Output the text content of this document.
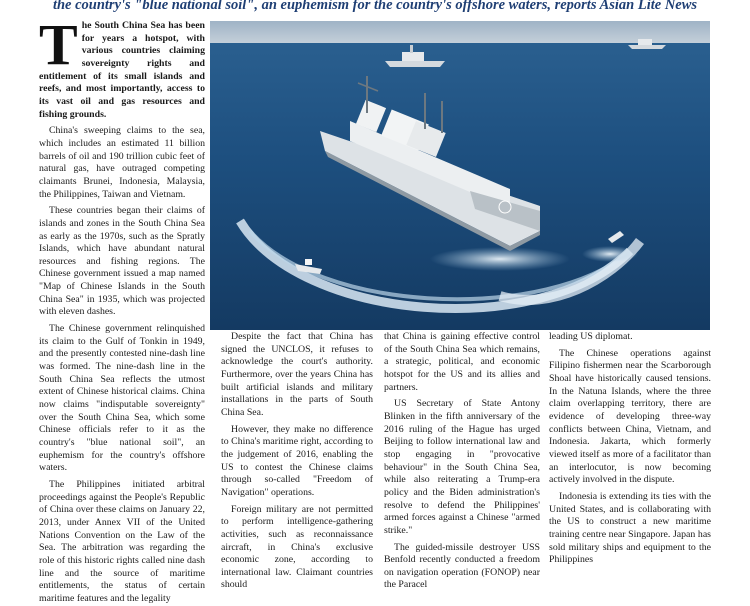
the country's "blue national soil", an euphemism for the country's offshore waters, reports Asian Lite News

The South China Sea has been for years a hotspot, with various countries claiming sovereignty rights and entitlement of its small islands and reefs, and most importantly, access to its vast oil and gas resources and fishing grounds.

China's sweeping claims to the sea, which includes an estimated 11 billion barrels of oil and 190 trillion cubic feet of natural gas, have outraged competing claimants Brunei, Indonesia, Malaysia, the Philippines, Taiwan and Vietnam.

These countries began their claims of islands and zones in the South China Sea as early as the 1970s, such as the Spratly Islands, which have abundant natural resources and fishing regions. The Chinese government issued a map named "Map of Chinese Islands in the South China Sea" in 1935, which was projected with eleven dashes.

The Chinese government relinquished its claim to the Gulf of Tonkin in 1949, and the presently contested nine-dash line was formed. The nine-dash line in the South China Sea reflects the utmost extent of Chinese historical claims. China now claims "indisputable sovereignty" over the South China Sea, which some Chinese officials refer to it as the country's "blue national soil", an euphemism for the country's offshore waters.

The Philippines initiated arbitral proceedings against the People's Republic of China over these claims on January 22, 2013, under Annex VII of the United Nations Convention on the Law of the Sea. The arbitration was regarding the role of this historic rights called nine dash line and the source of maritime entitlements, the status of certain maritime features and the legality

Despite the fact that China has signed the UNCLOS, it refuses to acknowledge the court's authority. Furthermore, over the years China has built artificial islands and military installations in the parts of South China Sea.

However, they make no difference to China's maritime right, according to the judgement of 2016, enabling the US to contest the Chinese claims through so-called "Freedom of Navigation" operations.

Foreign military are not permitted to perform intelligence-gathering activities, such as reconnaissance aircraft, in China's exclusive economic zone, according to international law. Claimant countries should

that China is gaining effective control of the South China Sea which remains, a strategic, political, and economic hotspot for the US and its allies and partners.

US Secretary of State Antony Blinken in the fifth anniversary of the 2016 ruling of the Hague has urged Beijing to follow international law and stop engaging in "provocative behaviour" in the South China Sea, while also reiterating a Trump-era policy and the Biden administration's resolve to defend the Philippines' armed forces against a Chinese "armed strike."

The guided-missile destroyer USS Benfold recently conducted a freedom on navigation operation (FONOP) near the Paracel

leading US diplomat.

The Chinese operations against Filipino fishermen near the Scarborough Shoal have historically caused tensions. In the Natuna Islands, where the three claim overlapping territory, there are evidence of developing three-way conflicts between China, Vietnam, and Indonesia. Jakarta, which formerly viewed itself as more of a facilitator than an interlocutor, is now becoming actively involved in the dispute.

Indonesia is extending its ties with the United States, and is collaborating with the US to construct a new maritime training centre near Singapore. Japan has sold military ships and equipment to the Philippines
